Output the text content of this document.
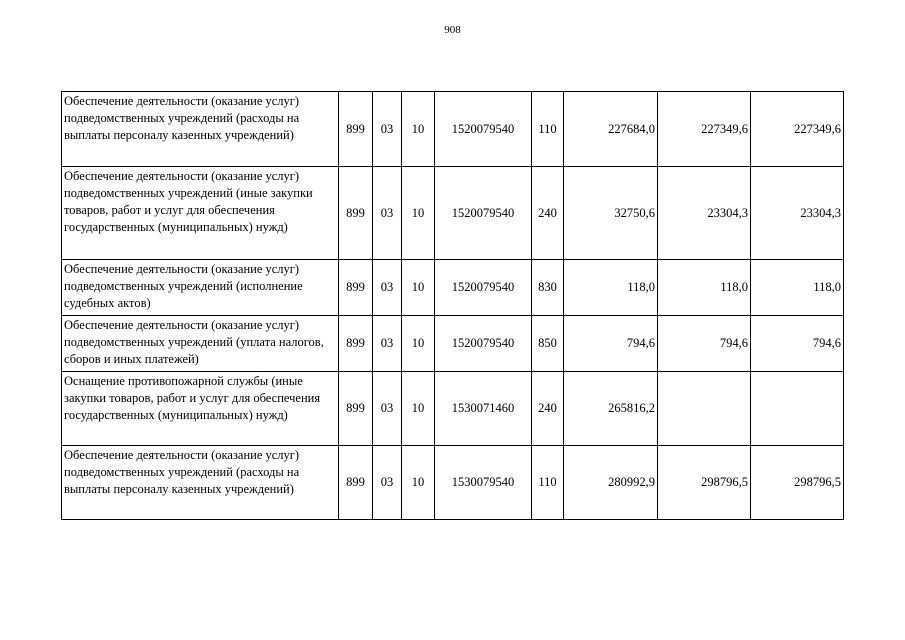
908
Обеспечение деятельности (оказание услуг) подведомственных учреждений (расходы на выплаты персоналу казенных учреждений)	899	03	10	1520079540	110	227684,0	227349,6	227349,6
Обеспечение деятельности (оказание услуг) подведомственных учреждений (иные закупки товаров, работ и услуг для обеспечения государственных (муниципальных) нужд)	899	03	10	1520079540	240	32750,6	23304,3	23304,3
Обеспечение деятельности (оказание услуг) подведомственных учреждений (исполнение судебных актов)	899	03	10	1520079540	830	118,0	118,0	118,0
Обеспечение деятельности (оказание услуг) подведомственных учреждений (уплата налогов, сборов и иных платежей)	899	03	10	1520079540	850	794,6	794,6	794,6
Оснащение противопожарной службы (иные закупки товаров, работ и услуг для обеспечения государственных (муниципальных) нужд)	899	03	10	1530071460	240	265816,2		
Обеспечение деятельности (оказание услуг) подведомственных учреждений (расходы на выплаты персоналу казенных учреждений)	899	03	10	1530079540	110	280992,9	298796,5	298796,5
